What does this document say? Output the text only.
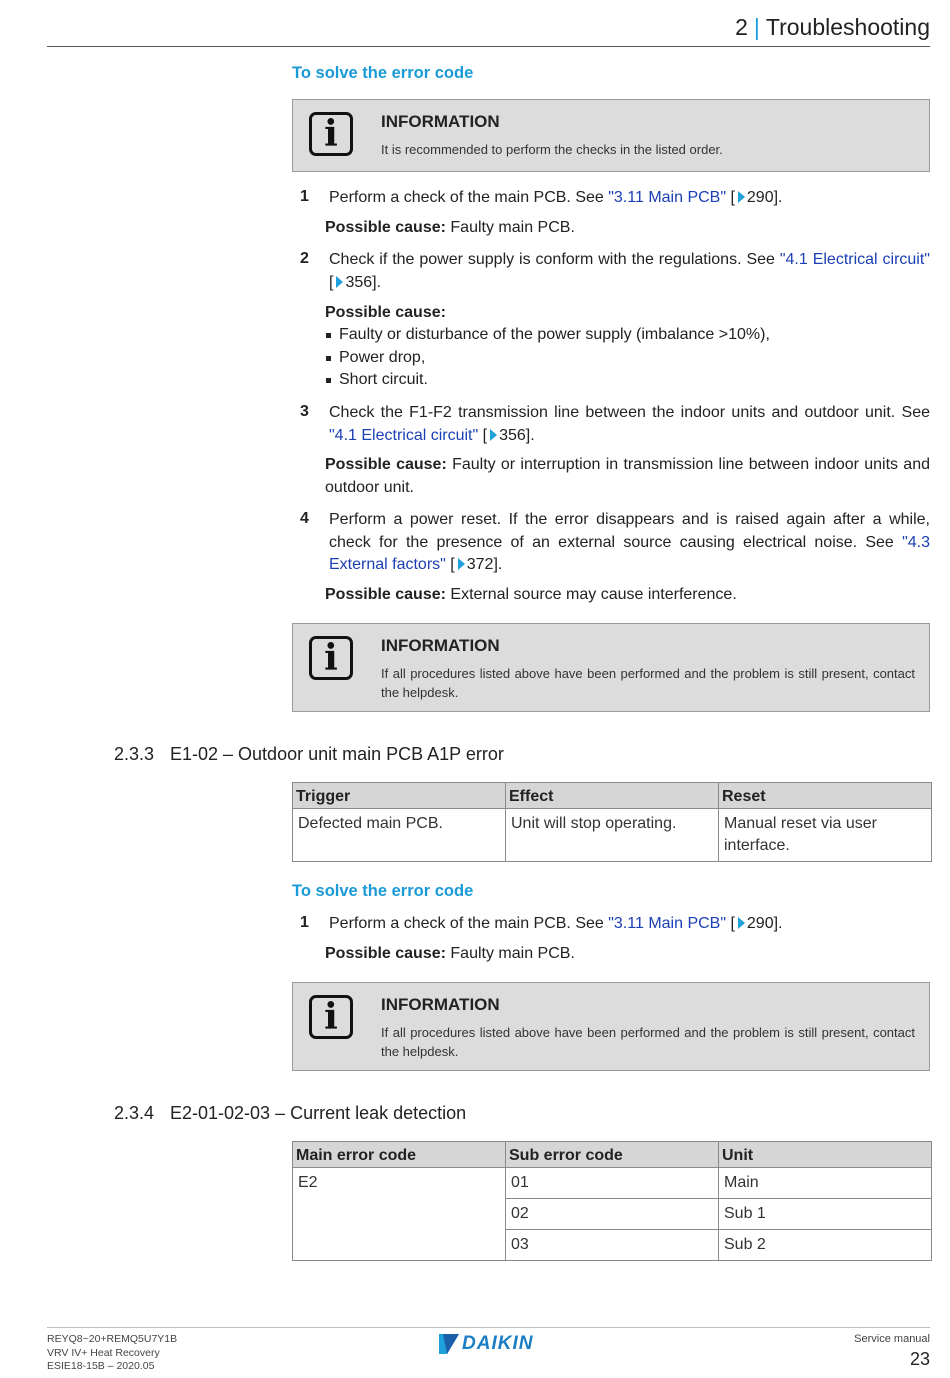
2 | Troubleshooting
To solve the error code
i	INFORMATION
It is recommended to perform the checks in the listed order.
1 Perform a check of the main PCB. See "3.11 Main PCB" [ 290].
Possible cause: Faulty main PCB.
2 Check if the power supply is conform with the regulations. See "4.1 Electrical circuit" [ 356].
Possible cause:
Faulty or disturbance of the power supply (imbalance >10%),
Power drop,
Short circuit.
3 Check the F1-F2 transmission line between the indoor units and outdoor unit. See "4.1 Electrical circuit" [ 356].
Possible cause: Faulty or interruption in transmission line between indoor units and outdoor unit.
4 Perform a power reset. If the error disappears and is raised again after a while, check for the presence of an external source causing electrical noise. See "4.3 External factors" [ 372].
Possible cause: External source may cause interference.
i	INFORMATION
If all procedures listed above have been performed and the problem is still present, contact the helpdesk.
2.3.3 E1-02 – Outdoor unit main PCB A1P error
Trigger	Effect	Reset
Defected main PCB.	Unit will stop operating.	Manual reset via user interface.
To solve the error code
1 Perform a check of the main PCB. See "3.11 Main PCB" [ 290].
Possible cause: Faulty main PCB.
i	INFORMATION
If all procedures listed above have been performed and the problem is still present, contact the helpdesk.
2.3.4 E2-01-02-03 – Current leak detection
Main error code	Sub error code	Unit
E2	01	Main
	02	Sub 1
	03	Sub 2
REYQ8~20+REMQ5U7Y1B
VRV IV+ Heat Recovery
ESIE18-15B – 2020.05
DAIKIN	Service manual
23
